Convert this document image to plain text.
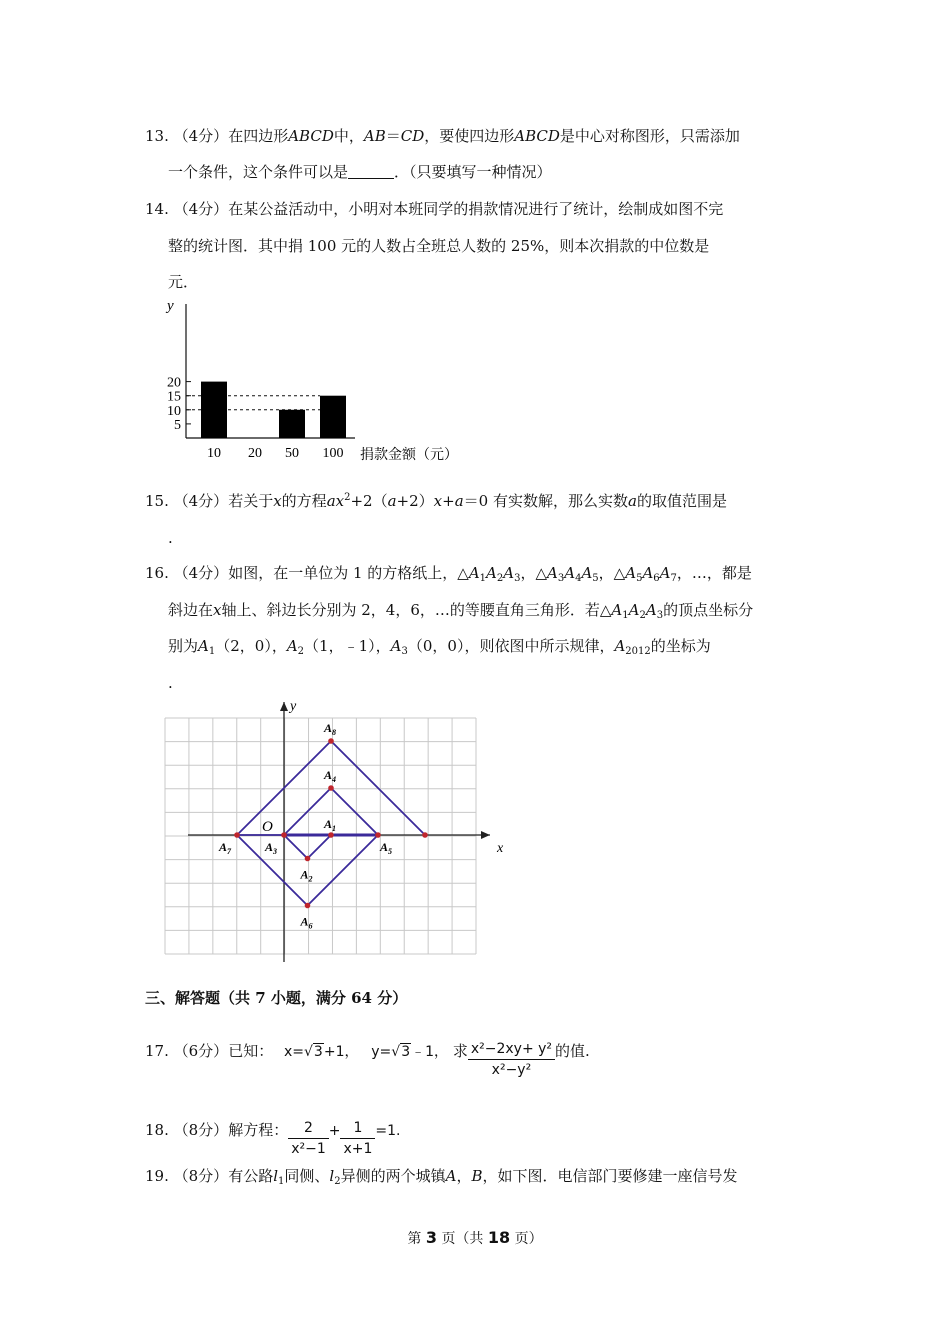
13. （4分）在四边形ABCD中，AB＝CD，要使四边形ABCD是中心对称图形，只需添加
一个条件，这个条件可以是	．（只要填写一种情况）
14. （4分）在某公益活动中，小明对本班同学的捐款情况进行了统计，绘制成如图不完
整的统计图．其中捐 100 元的人数占全班总人数的 25%，则本次捐款的中位数是
元．
y
5
10
15
20
10 20 50 100 捐款金额（元）
15. （4分）若关于x的方程$ax^2+2(a+2)x+a=0$ 有实数解，那么实数a的取值范围是
.
16. （4分）如图，在一单位为 1 的方格纸上，$\triangle A_1A_2A_3$，$\triangle A_3A_4A_5$，$\triangle A_5A_6A_7$，…，都是
斜边在x轴上、斜边长分别为 2，4，6，…的等腰直角三角形．若$\triangle A_1A_2A_3$的顶点坐标分
别为$A_1(2$，0），$A_2(1$，﹣1），$A_3(0$，0），则依图中所示规律，$A_{2012}$的坐标为
.
x
y
O	$A_1$
$A_2$
$A_3$
$A_4$
$A_5$
$A_6$
$A_7$
$A_8$
三、解答题（共 7 小题，满分 64 分）
17. （6分）已知： x=√3+1， y=√3﹣1， 求 $\frac{\text{x²−2xy+ y²}}{\text{x²−y²}}$ 的值.
18. （8分）解方程： $\frac{2}{\text{x²−1}} + \frac{1}{x+1} =1$.
19. （8分）有公路$l_1$同侧、$l_2$异侧的两个城镇A，B，如下图．电信部门要修建一座信号发
第 3 页（共 18 页）
